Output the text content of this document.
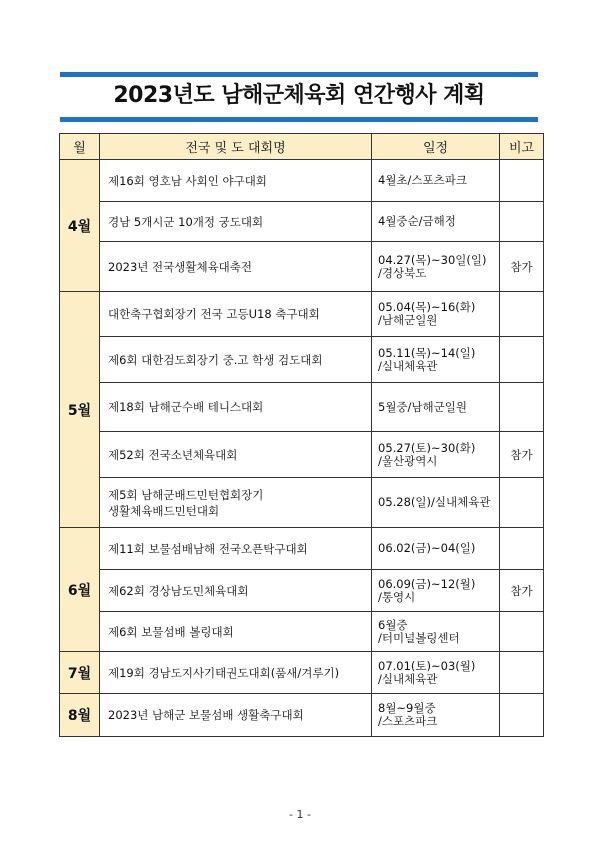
2023년도 남해군체육회 연간행사 계획
월	전국 및 도 대회명	일정	비고
4월	제16회 영호남 사회인 야구대회	4월초/스포츠파크	

	경남 5개시군 10개정 궁도대회	4월중순/금해정	

	2023년 전국생활체육대축전	04.27(목)~30일(일)
/경상북도	참가
5월	대한축구협회장기 전국 고등U18 축구대회	05.04(목)~16(화)
/남해군일원	

	제6회 대한검도회장기 중.고 학생 검도대회	05.11(목)~14(일)
/실내체육관	

	제18회 남해군수배 테니스대회	5월중/남해군일원	

	제52회 전국소년체육대회	05.27(토)~30(화)
/울산광역시	참가

	제5회 남해군배드민턴협회장기
생활체육배드민턴대회	05.28(일)/실내체육관	

6월	제11회 보물섬배남해 전국오픈탁구대회	06.02(금)~04(일)	

	제62회 경상남도민체육대회	06.09(금)~12(월)
/통영시	참가

	제6회 보물섬배 볼링대회	6월중
/터미널볼링센터	

7월	제19회 경남도지사기태권도대회(품새/겨루기)	07.01(토)~03(월)
/실내체육관	

8월	2023년 남해군 보물섬배 생활축구대회	8월~9월중
/스포츠파크	

- 1 -
